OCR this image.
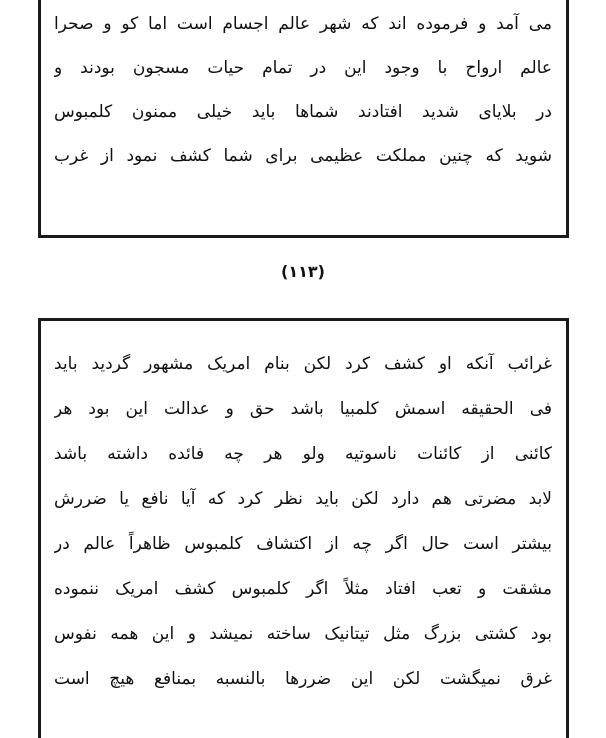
می آمد و فرموده اند که شهر عالم اجسام است اما کو و صحرا
عالم ارواح با وجود این در تمام حیات مسجون بودند و
در بلایای شدید افتادند شماها باید خیلی ممنون کلمبوس
شوید که چنین مملکت عظیمی برای شما کشف نمود از غرب
(۱۱۳)
غرائب آنکه او کشف کرد لکن بنام امریک مشهور گردید باید
فی الحقیقه اسمش کلمبیا باشد حق و عدالت این بود هر
کائنی از کائنات ناسوتیه ولو هر چه فائده داشته باشد
لابد مضرتی هم دارد لکن باید نظر کرد که آیا نافع یا ضررش
بیشتر است حال اگر چه از اکتشاف کلمبوس ظاهراً عالم در
مشقت و تعب افتاد مثلاً اگر کلمبوس کشف امریک ننموده
بود کشتی بزرگ مثل تیتانیک ساخته نمیشد و این همه نفوس
غرق نمیگشت لکن این ضررها بالنسبه بمنافع هیچ است
